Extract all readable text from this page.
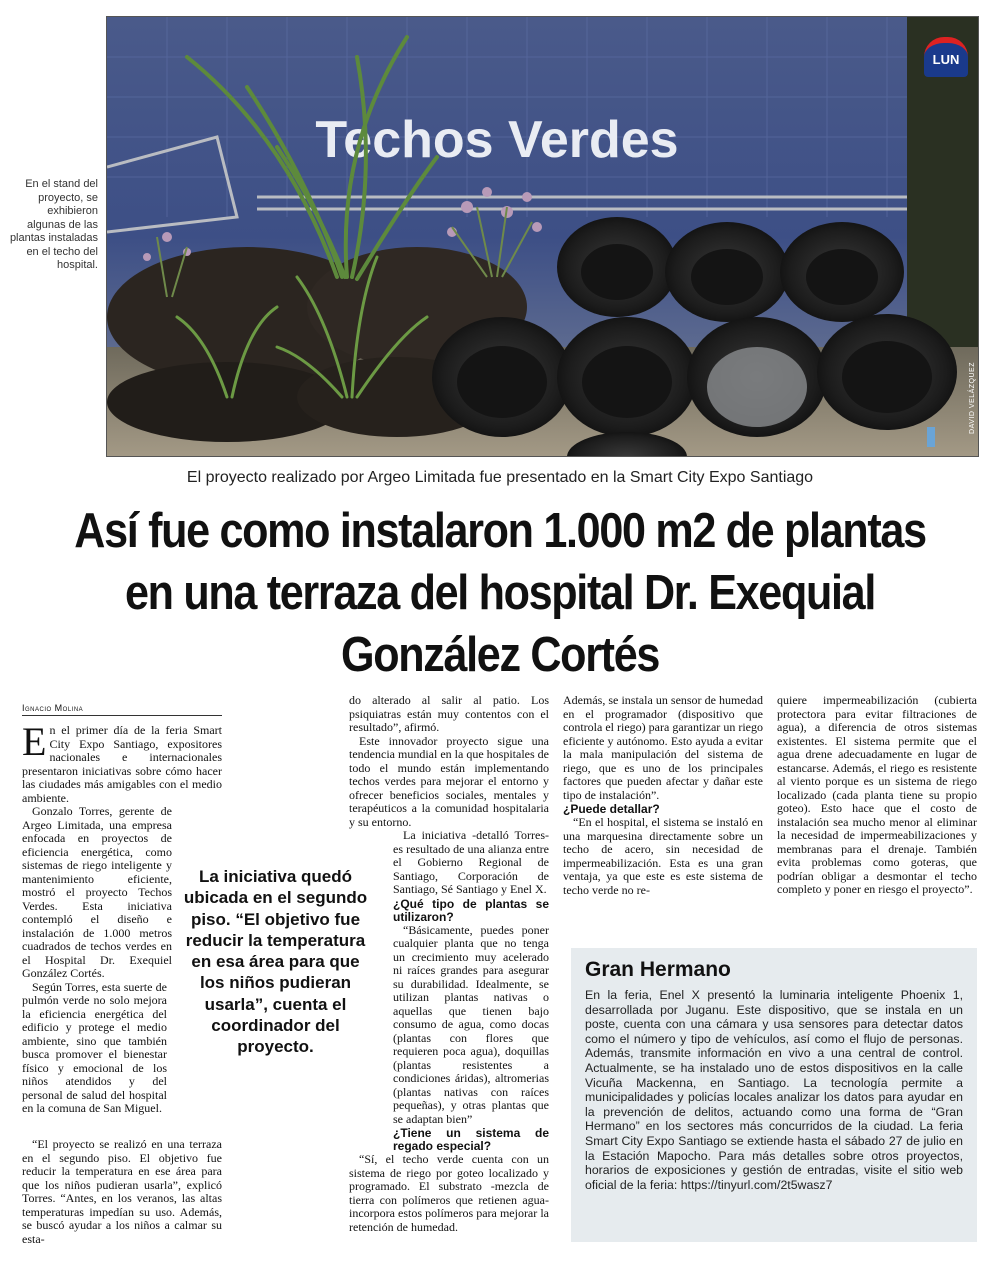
Techos Verdes
LUN
DAVID VELÁZQUEZ
En el stand del proyecto, se exhibieron algunas de las plantas instaladas en el techo del hospital.
El proyecto realizado por Argeo Limitada fue presentado en la Smart City Expo Santiago
Así fue como instalaron 1.000 m2 de plantas en una terraza del hospital Dr. Exequial González Cortés
Ignacio Molina

En el primer día de la feria Smart City Expo Santiago, expositores nacionales e internacionales presentaron iniciativas sobre cómo hacer las ciudades más amigables con el medio ambiente.

Gonzalo Torres, gerente de Argeo Limitada, una empresa enfocada en proyectos de eficiencia energética, como sistemas de riego inteligente y mantenimiento eficiente, mostró el proyecto Techos Verdes. Esta iniciativa contempló el diseño e instalación de 1.000 metros cuadrados de techos verdes en el Hospital Dr. Exequiel González Cortés.

Según Torres, esta suerte de pulmón verde no solo mejora la eficiencia energética del edificio y protege el medio ambiente, sino que también busca promover el bienestar físico y emocional de los niños atendidos y del personal de salud del hospital en la comuna de San Miguel.

“El proyecto se realizó en una terraza en el segundo piso. El objetivo fue reducir la temperatura en ese área para que los niños pudieran usarla”, explicó Torres. “Antes, en los veranos, las altas temperaturas impedían su uso. Además, se buscó ayudar a los niños a calmar su esta-

La iniciativa quedó ubicada en el segundo piso. “El objetivo fue reducir la temperatura en esa área para que los niños pudieran usarla”, cuenta el coordinador del proyecto.

do alterado al salir al patio. Los psiquiatras están muy contentos con el resultado”, afirmó.

Este innovador proyecto sigue una tendencia mundial en la que hospitales de todo el mundo están implementando techos verdes para mejorar el entorno y ofrecer beneficios sociales, mentales y terapéuticos a la comunidad hospitalaria y su entorno.

La iniciativa -detalló Torres- es resultado de una alianza entre el Gobierno Regional de Santiago, Corporación de Santiago, Sé Santiago y Enel X.

¿Qué tipo de plantas se utilizaron?

“Básicamente, puedes poner cualquier planta que no tenga un crecimiento muy acelerado ni raíces grandes para asegurar su durabilidad. Idealmente, se utilizan plantas nativas o aquellas que tienen bajo consumo de agua, como docas (plantas con flores que requieren poca agua), doquillas (plantas resistentes a condiciones áridas), altromerias (plantas nativas con raíces pequeñas), y otras plantas que se adaptan bien”

¿Tiene un sistema de regado especial?

“Sí, el techo verde cuenta con un sistema de riego por goteo localizado y programado. El substrato -mezcla de tierra con polímeros que retienen agua- incorpora estos polímeros para mejorar la retención de humedad.

Además, se instala un sensor de humedad en el programador (dispositivo que controla el riego) para garantizar un riego eficiente y autónomo. Esto ayuda a evitar la mala manipulación del sistema de riego, que es uno de los principales factores que pueden afectar y dañar este tipo de instalación”.

¿Puede detallar?

“En el hospital, el sistema se instaló en una marquesina directamente sobre un techo de acero, sin necesidad de impermeabilización. Esta es una gran ventaja, ya que este es este sistema de techo verde no re-

quiere impermeabilización (cubierta protectora para evitar filtraciones de agua), a diferencia de otros sistemas existentes. El sistema permite que el agua drene adecuadamente en lugar de estancarse. Además, el riego es resistente al viento porque es un sistema de riego localizado (cada planta tiene su propio goteo). Esto hace que el costo de instalación sea mucho menor al eliminar la necesidad de impermeabilizaciones y membranas para el drenaje. También evita problemas como goteras, que podrían obligar a desmontar el techo completo y poner en riesgo el proyecto”.

Gran Hermano

En la feria, Enel X presentó la luminaria inteligente Phoenix 1, desarrollada por Juganu. Este dispositivo, que se instala en un poste, cuenta con una cámara y usa sensores para detectar datos como el número y tipo de vehículos, así como el flujo de personas. Además, transmite información en vivo a una central de control. Actualmente, se ha instalado uno de estos dispositivos en la calle Vicuña Mackenna, en Santiago. La tecnología permite a municipalidades y policías locales analizar los datos para ayudar en la prevención de delitos, actuando como una forma de “Gran Hermano” en los sectores más concurridos de la ciudad. La feria Smart City Expo Santiago se extiende hasta el sábado 27 de julio en la Estación Mapocho. Para más detalles sobre otros proyectos, horarios de exposiciones y gestión de entradas, visite el sitio web oficial de la feria: https://tinyurl.com/2t5wasz7
